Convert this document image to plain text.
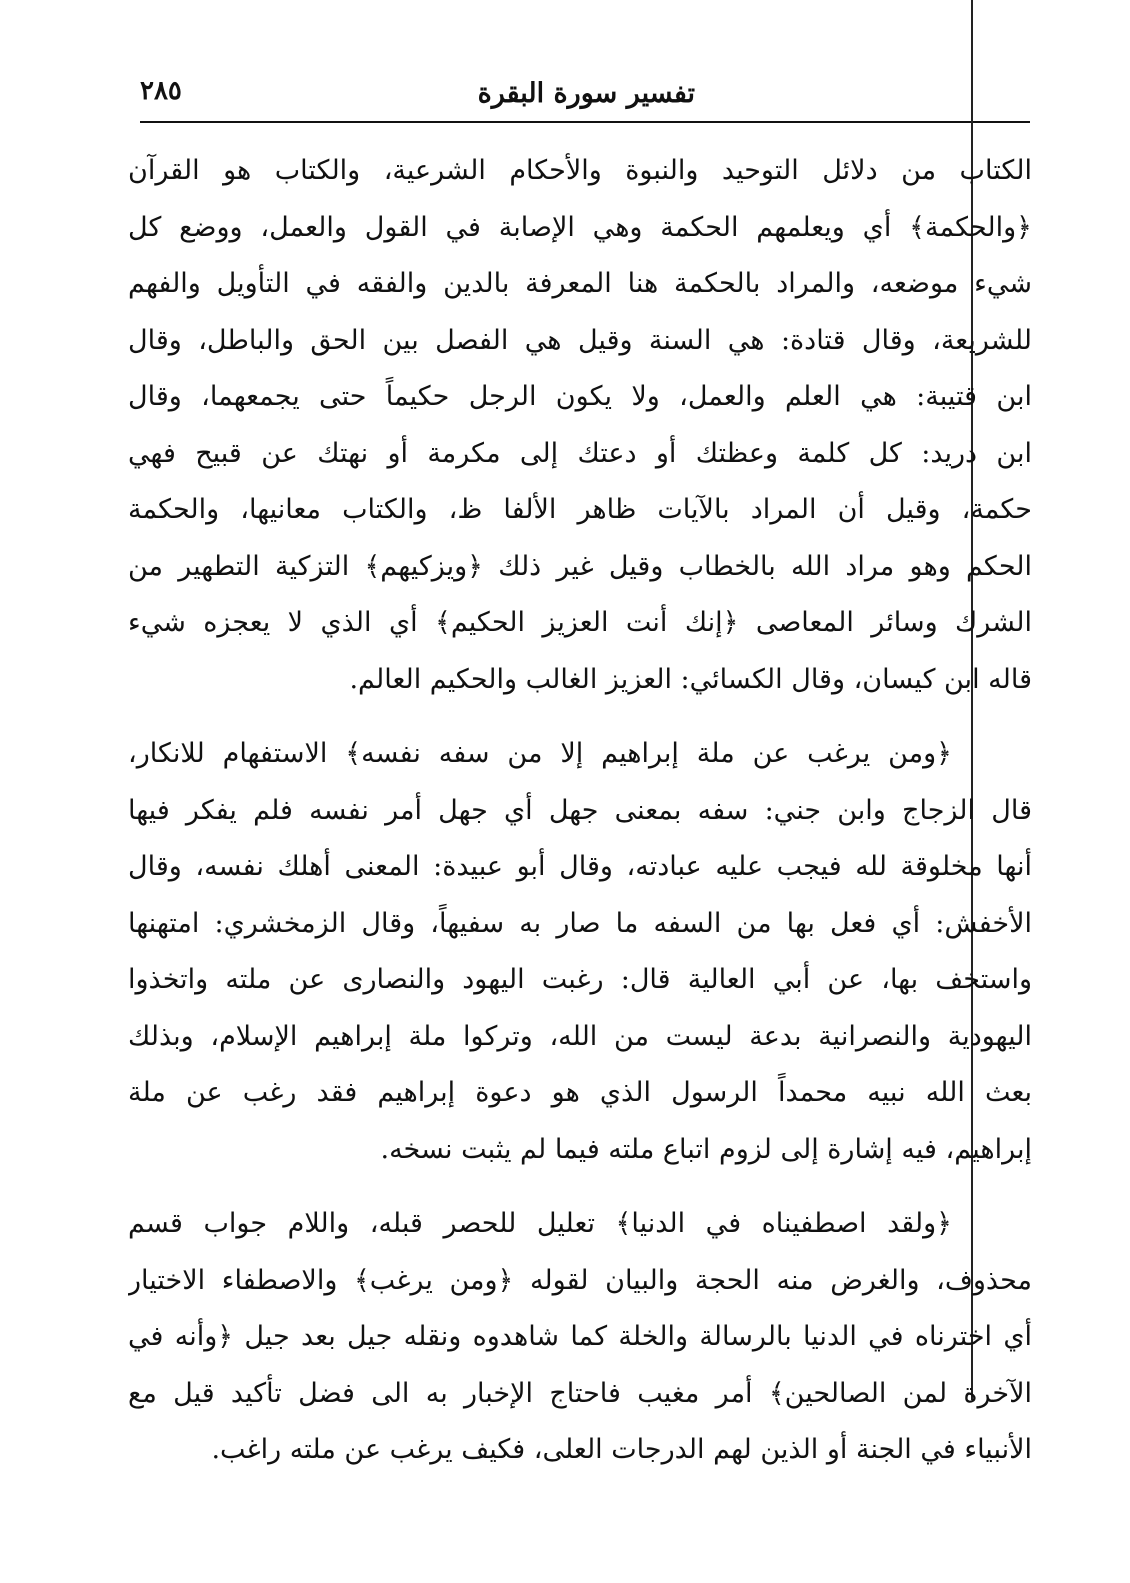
تفسير سورة البقرة
٢٨٥
الكتاب من دلائل التوحيد والنبوة والأحكام الشرعية، والكتاب هو القرآن
﴿والحكمة﴾ أي ويعلمهم الحكمة وهي الإصابة في القول والعمل، ووضع كل
شيء موضعه، والمراد بالحكمة هنا المعرفة بالدين والفقه في التأويل والفهم
للشريعة، وقال قتادة: هي السنة وقيل هي الفصل بين الحق والباطل، وقال
ابن قتيبة: هي العلم والعمل، ولا يكون الرجل حكيماً حتى يجمعهما، وقال
ابن دريد: كل كلمة وعظتك أو دعتك إلى مكرمة أو نهتك عن قبيح فهي
حكمة، وقيل أن المراد بالآيات ظاهر الألفا ظ، والكتاب معانيها، والحكمة
الحكم وهو مراد الله بالخطاب وقيل غير ذلك ﴿ويزكيهم﴾ التزكية التطهير من
الشرك وسائر المعاصى ﴿إنك أنت العزيز الحكيم﴾ أي الذي لا يعجزه شيء
قاله ابن كيسان، وقال الكسائي: العزيز الغالب والحكيم العالم.
﴿ومن يرغب عن ملة إبراهيم إلا من سفه نفسه﴾ الاستفهام للانكار،
قال الزجاج وابن جني: سفه بمعنى جهل أي جهل أمر نفسه فلم يفكر فيها
أنها مخلوقة لله فيجب عليه عبادته، وقال أبو عبيدة: المعنى أهلك نفسه، وقال
الأخفش: أي فعل بها من السفه ما صار به سفيهاً، وقال الزمخشري: امتهنها
واستخف بها، عن أبي العالية قال: رغبت اليهود والنصارى عن ملته واتخذوا
اليهودية والنصرانية بدعة ليست من الله، وتركوا ملة إبراهيم الإسلام، وبذلك
بعث الله نبيه محمداً الرسول الذي هو دعوة إبراهيم فقد رغب عن ملة
إبراهيم، فيه إشارة إلى لزوم اتباع ملته فيما لم يثبت نسخه.
﴿ولقد اصطفيناه في الدنيا﴾ تعليل للحصر قبله، واللام جواب قسم
محذوف، والغرض منه الحجة والبيان لقوله ﴿ومن يرغب﴾ والاصطفاء الاختيار
أي اخترناه في الدنيا بالرسالة والخلة كما شاهدوه ونقله جيل بعد جيل ﴿وأنه في
الآخرة لمن الصالحين﴾ أمر مغيب فاحتاج الإخبار به الى فضل تأكيد قيل مع
الأنبياء في الجنة أو الذين لهم الدرجات العلى، فكيف يرغب عن ملته راغب.
